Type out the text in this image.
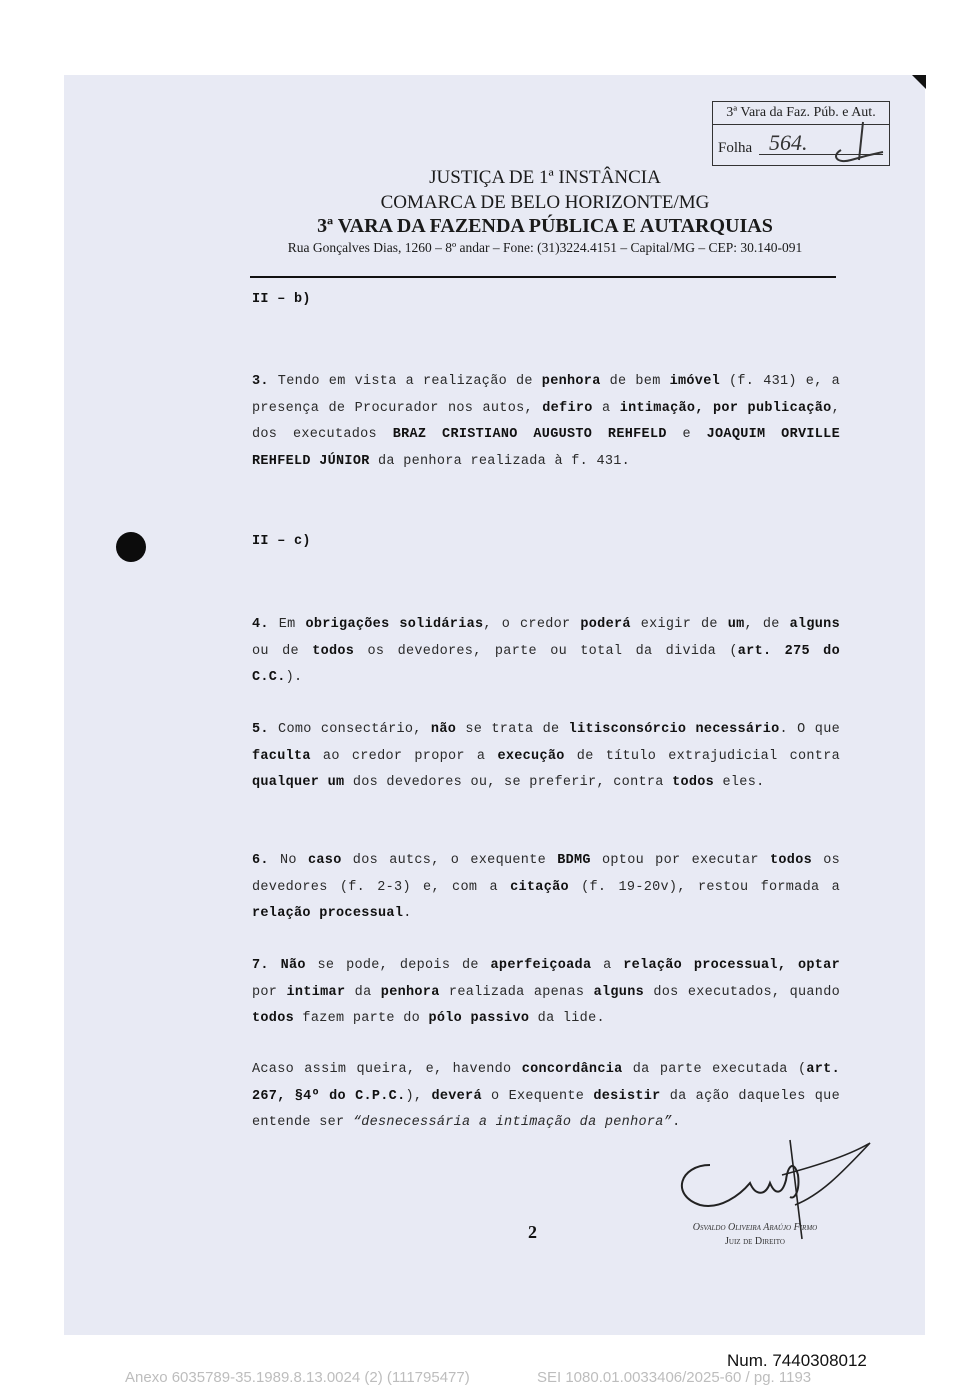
3ª Vara da Faz. Púb. e Aut.
Folha 564.
JUSTIÇA DE 1ª INSTÂNCIA
COMARCA DE BELO HORIZONTE/MG
3ª VARA DA FAZENDA PÚBLICA E AUTARQUIAS
Rua Gonçalves Dias, 1260 – 8º andar – Fone: (31)3224.4151 – Capital/MG – CEP: 30.140-091
II – b)
3. Tendo em vista a realização de penhora de bem imóvel (f. 431) e, a presença de Procurador nos autos, defiro a intimação, por publicação, dos executados BRAZ CRISTIANO AUGUSTO REHFELD e JOAQUIM ORVILLE REHFELD JÚNIOR da penhora realizada à f. 431.
II – c)
4. Em obrigações solidárias, o credor poderá exigir de um, de alguns ou de todos os devedores, parte ou total da divida (art. 275 do C.C.).
5. Como consectário, não se trata de litisconsórcio necessário. O que faculta ao credor propor a execução de título extrajudicial contra qualquer um dos devedores ou, se preferir, contra todos eles.
6. No caso dos autcs, o exequente BDMG optou por executar todos os devedores (f. 2-3) e, com a citação (f. 19-20v), restou formada a relação processual.
7. Não se pode, depois de aperfeiçoada a relação processual, optar por intimar da penhora realizada apenas alguns dos executados, quando todos fazem parte do pólo passivo da lide.
Acaso assim queira, e, havendo concordância da parte executada (art. 267, §4º do C.P.C.), deverá o Exequente desistir da ação daqueles que entende ser “desnecessária a intimação da penhora”.
2	Osvaldo Oliveira Araújo Firmo
Juiz de Direito
Num. 7440308012
Anexo 6035789-35.1989.8.13.0024 (2) (111795477)	SEI 1080.01.0033406/2025-60 / pg. 1193
